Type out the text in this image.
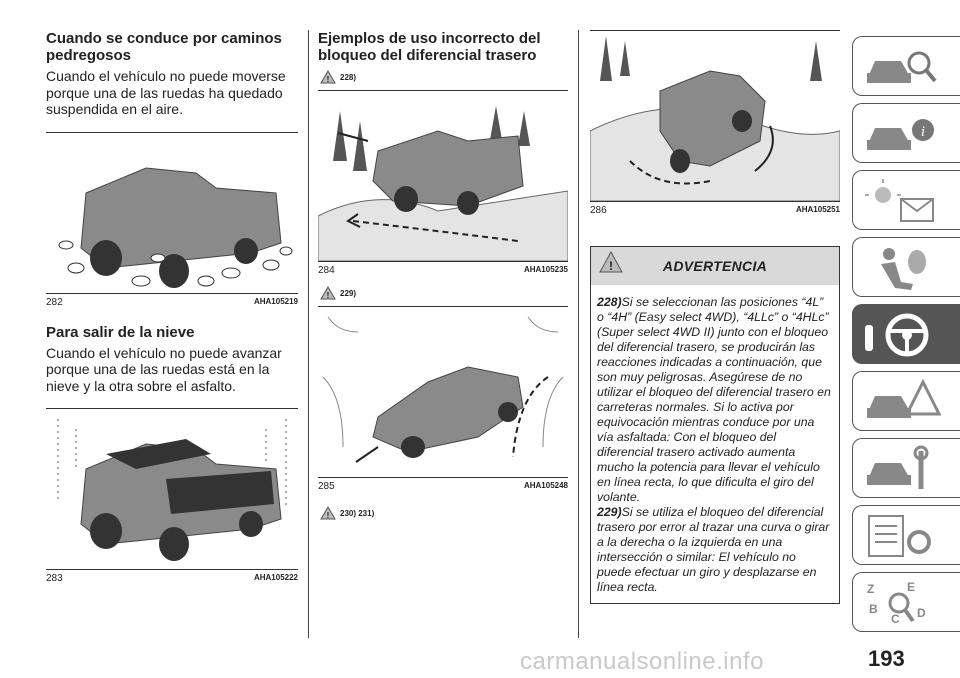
Cuando se conduce por caminos pedregosos
Cuando el vehículo no puede moverse porque una de las ruedas ha quedado suspendida en el aire.
282	AHA105219
Para salir de la nieve
Cuando el vehículo no puede avanzar porque una de las ruedas está en la nieve y la otra sobre el asfalto.
283	AHA105222
Ejemplos de uso incorrecto del bloqueo del diferencial trasero
! 228)
284	AHA105235
! 229)
285	AHA105248
! 230) 231)
286	AHA105251
!	ADVERTENCIA
228)Si se seleccionan las posiciones “4L” o “4H” (Easy select 4WD), “4LLc” o “4HLc” (Super select 4WD II) junto con el bloqueo del diferencial trasero, se producirán las reacciones indicadas a continuación, que son muy peligrosas. Asegúrese de no utilizar el bloqueo del diferencial trasero en carreteras normales. Si lo activa por equivocación mientras conduce por una vía asfaltada: Con el bloqueo del diferencial trasero activado aumenta mucho la potencia para llevar el vehículo en línea recta, lo que dificulta el giro del volante.
229)Si se utiliza el bloqueo del diferencial trasero por error al trazar una curva o girar a la derecha o la izquierda en una intersección o similar: El vehículo no puede efectuar un giro y desplazarse en línea recta.
i
Z	E
B
C D
193
carmanualsonline.info
